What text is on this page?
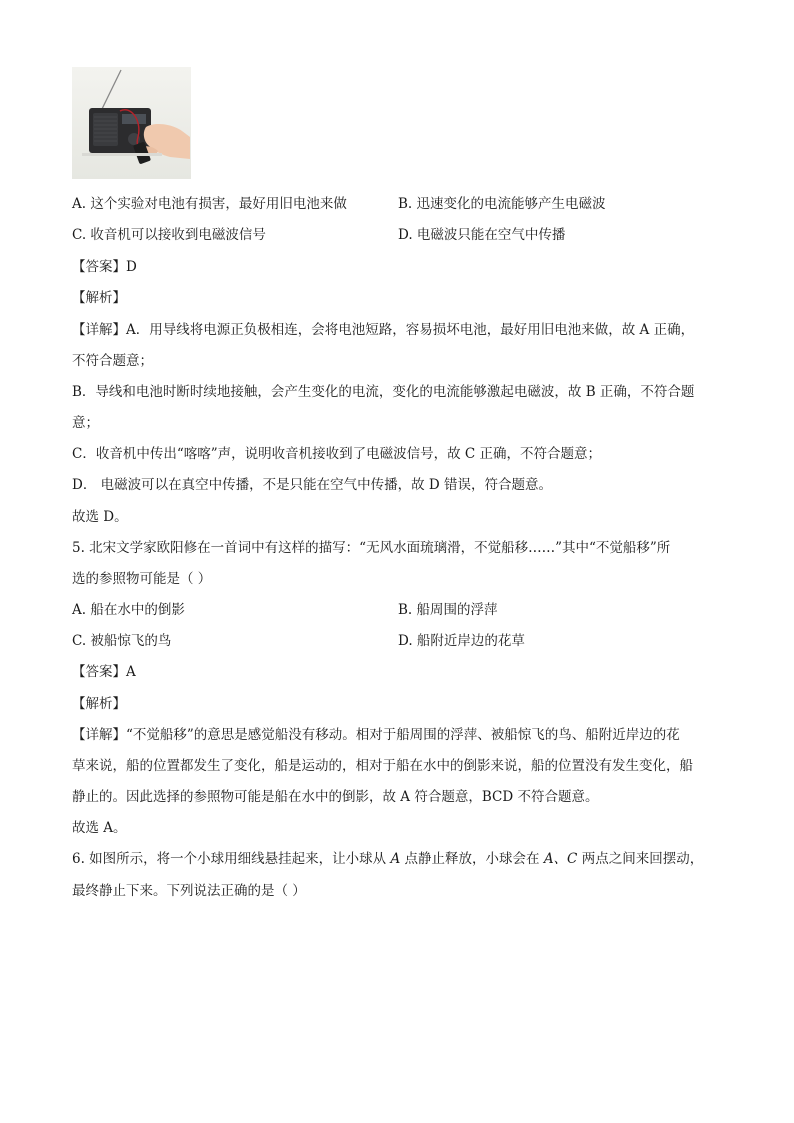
A. 这个实验对电池有损害，最好用旧电池来做	B. 迅速变化的电流能够产生电磁波
C. 收音机可以接收到电磁波信号	D. 电磁波只能在空气中传播
【答案】D
【解析】
【详解】A．用导线将电源正负极相连，会将电池短路，容易损坏电池，最好用旧电池来做，故 A 正确，
不符合题意；
B．导线和电池时断时续地接触，会产生变化的电流，变化的电流能够激起电磁波，故 B 正确，不符合题
意；
C．收音机中传出“喀喀”声，说明收音机接收到了电磁波信号，故 C 正确，不符合题意；
D． 电磁波可以在真空中传播，不是只能在空气中传播，故 D 错误，符合题意。
故选 D。
5. 北宋文学家欧阳修在一首词中有这样的描写：“无风水面琉璃滑，不觉船移……”其中“不觉船移”所
选的参照物可能是（ ）
A. 船在水中的倒影	B. 船周围的浮萍
C. 被船惊飞的鸟	D. 船附近岸边的花草
【答案】A
【解析】
【详解】“不觉船移”的意思是感觉船没有移动。相对于船周围的浮萍、被船惊飞的鸟、船附近岸边的花
草来说，船的位置都发生了变化，船是运动的，相对于船在水中的倒影来说，船的位置没有发生变化，船
静止的。因此选择的参照物可能是船在水中的倒影，故 A 符合题意，BCD 不符合题意。
故选 A。
6. 如图所示，将一个小球用细线悬挂起来，让小球从 A 点静止释放，小球会在 A、C 两点之间来回摆动，
最终静止下来。下列说法正确的是（ ）
